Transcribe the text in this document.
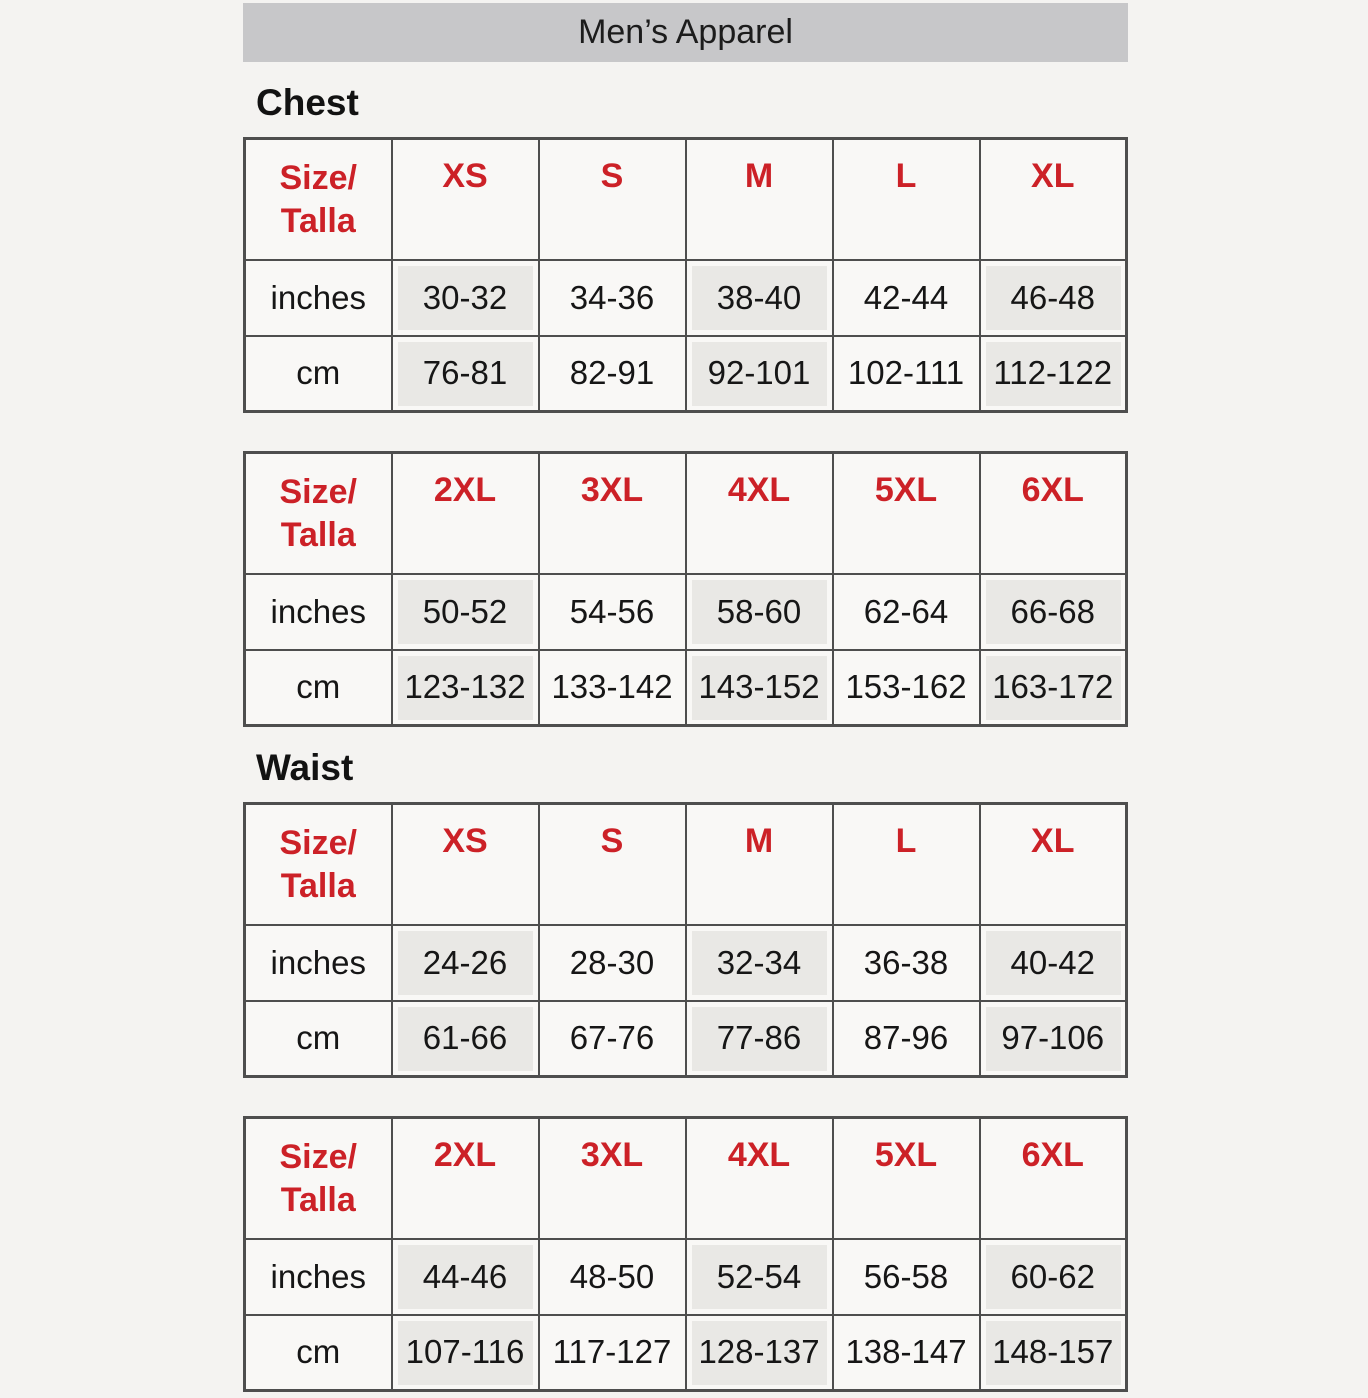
Men’s Apparel
Chest
Size/
Talla	XS	S	M	L	XL
inches	30-32	34-36	38-40	42-44	46-48
cm	76-81	82-91	92-101	102-111	112-122
Size/
Talla	2XL	3XL	4XL	5XL	6XL
inches	50-52	54-56	58-60	62-64	66-68
cm	123-132	133-142	143-152	153-162	163-172
Waist
Size/
Talla	XS	S	M	L	XL
inches	24-26	28-30	32-34	36-38	40-42
cm	61-66	67-76	77-86	87-96	97-106
Size/
Talla	2XL	3XL	4XL	5XL	6XL
inches	44-46	48-50	52-54	56-58	60-62
cm	107-116	117-127	128-137	138-147	148-157
